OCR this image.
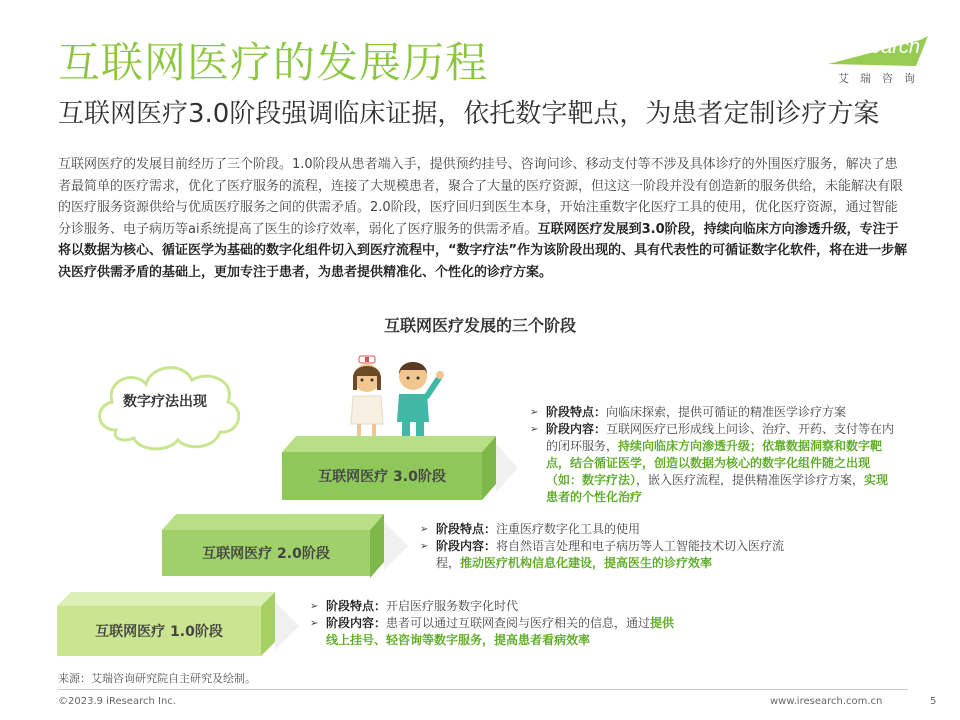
互联网医疗的发展历程
互联网医疗3.0阶段强调临床证据，依托数字靶点，为患者定制诊疗方案
iResearch
艾瑞咨询
互联网医疗的发展目前经历了三个阶段。1.0阶段从患者端入手，提供预约挂号、咨询问诊、移动支付等不涉及具体诊疗的外围医疗服务，解决了患者最简单的医疗需求，优化了医疗服务的流程，连接了大规模患者，聚合了大量的医疗资源，但这这一阶段并没有创造新的服务供给，未能解决有限的医疗服务资源供给与优质医疗服务之间的供需矛盾。2.0阶段，医疗回归到医生本身，开始注重数字化医疗工具的使用，优化医疗资源，通过智能分诊服务、电子病历等ai系统提高了医生的诊疗效率，弱化了医疗服务的供需矛盾。互联网医疗发展到3.0阶段，持续向临床方向渗透升级，专注于将以数据为核心、循证医学为基础的数字化组件切入到医疗流程中，“数字疗法”作为该阶段出现的、具有代表性的可循证数字化软件，将在进一步解决医疗供需矛盾的基础上，更加专注于患者，为患者提供精准化、个性化的诊疗方案。
互联网医疗发展的三个阶段
数字疗法出现
互联网医疗 3.0阶段
互联网医疗 2.0阶段
互联网医疗 1.0阶段
➢ 阶段特点：向临床探索，提供可循证的精准医学诊疗方案
➢ 阶段内容：互联网医疗已形成线上问诊、治疗、开药、支付等在内的闭环服务，持续向临床方向渗透升级；依靠数据洞察和数字靶点，结合循证医学，创造以数据为核心的数字化组件随之出现（如：数字疗法），嵌入医疗流程，提供精准医学诊疗方案，实现患者的个性化治疗
➢ 阶段特点：注重医疗数字化工具的使用
➢ 阶段内容：将自然语言处理和电子病历等人工智能技术切入医疗流程，推动医疗机构信息化建设，提高医生的诊疗效率
➢ 阶段特点：开启医疗服务数字化时代
➢ 阶段内容：患者可以通过互联网查阅与医疗相关的信息，通过提供线上挂号、轻咨询等数字服务，提高患者看病效率
来源：艾瑞咨询研究院自主研究及绘制。
©2023.9 iResearch Inc.	www.iresearch.com.cn	5
